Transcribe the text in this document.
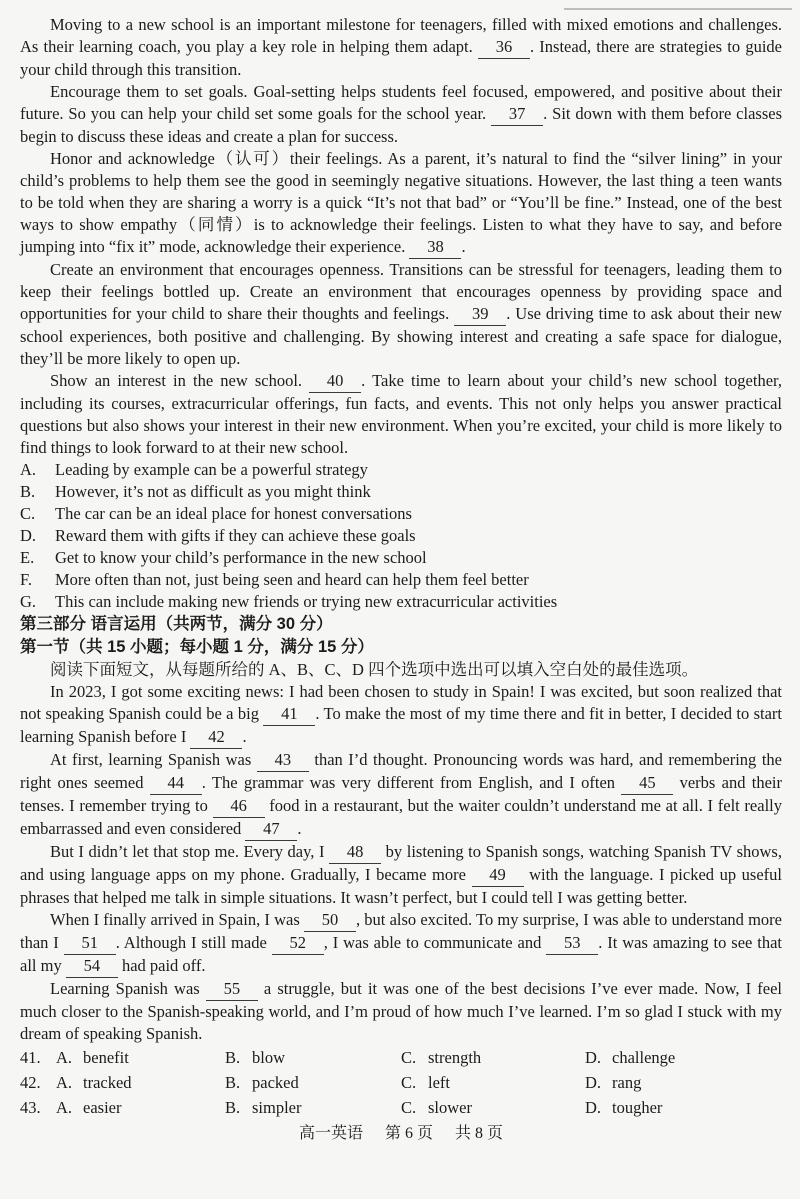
Moving to a new school is an important milestone for teenagers, filled with mixed emotions and challenges. As their learning coach, you play a key role in helping them adapt. 36 . Instead, there are strategies to guide your child through this transition.

Encourage them to set goals. Goal-setting helps students feel focused, empowered, and positive about their future. So you can help your child set some goals for the school year. 37 . Sit down with them before classes begin to discuss these ideas and create a plan for success.

Honor and acknowledge（认可）their feelings. As a parent, it’s natural to find the “silver lining” in your child’s problems to help them see the good in seemingly negative situations. However, the last thing a teen wants to be told when they are sharing a worry is a quick “It’s not that bad” or “You’ll be fine.” Instead, one of the best ways to show empathy（同情）is to acknowledge their feelings. Listen to what they have to say, and before jumping into “fix it” mode, acknowledge their experience. 38 .

Create an environment that encourages openness. Transitions can be stressful for teenagers, leading them to keep their feelings bottled up. Create an environment that encourages openness by providing space and opportunities for your child to share their thoughts and feelings. 39 . Use driving time to ask about their new school experiences, both positive and challenging. By showing interest and creating a safe space for dialogue, they’ll be more likely to open up.

Show an interest in the new school. 40 . Take time to learn about your child’s new school together, including its courses, extracurricular offerings, fun facts, and events. This not only helps you answer practical questions but also shows your interest in their new environment. When you’re excited, your child is more likely to find things to look forward to at their new school.

A.	Leading by example can be a powerful strategy
B.	However, it’s not as difficult as you might think
C.	The car can be an ideal place for honest conversations
D.	Reward them with gifts if they can achieve these goals
E.	Get to know your child’s performance in the new school
F.	More often than not, just being seen and heard can help them feel better
G.	This can include making new friends or trying new extracurricular activities
第三部分 语言运用（共两节，满分 30 分）
第一节（共 15 小题；每小题 1 分，满分 15 分）

阅读下面短文，从每题所给的 A、B、C、D 四个选项中选出可以填入空白处的最佳选项。

In 2023, I got some exciting news: I had been chosen to study in Spain! I was excited, but soon realized that not speaking Spanish could be a big 41 . To make the most of my time there and fit in better, I decided to start learning Spanish before I 42 .

At first, learning Spanish was 43 than I’d thought. Pronouncing words was hard, and remembering the right ones seemed 44 . The grammar was very different from English, and I often 45 verbs and their tenses. I remember trying to 46 food in a restaurant, but the waiter couldn’t understand me at all. I felt really embarrassed and even considered 47 .

But I didn’t let that stop me. Every day, I 48 by listening to Spanish songs, watching Spanish TV shows, and using language apps on my phone. Gradually, I became more 49 with the language. I picked up useful phrases that helped me talk in simple situations. It wasn’t perfect, but I could tell I was getting better.

When I finally arrived in Spain, I was 50 , but also excited. To my surprise, I was able to understand more than I 51 . Although I still made 52 , I was able to communicate and 53 . It was amazing to see that all my 54 had paid off.

Learning Spanish was 55 a struggle, but it was one of the best decisions I’ve ever made. Now, I feel much closer to the Spanish-speaking world, and I’m proud of how much I’ve learned. I’m so glad I stuck with my dream of speaking Spanish.

41. A. benefit	B. blow	C. strength	D. challenge
42. A. tracked	B. packed	C. left	D. rang
43. A. easier	B. simpler	C. slower	D. tougher
高一英语 第 6 页 共 8 页
